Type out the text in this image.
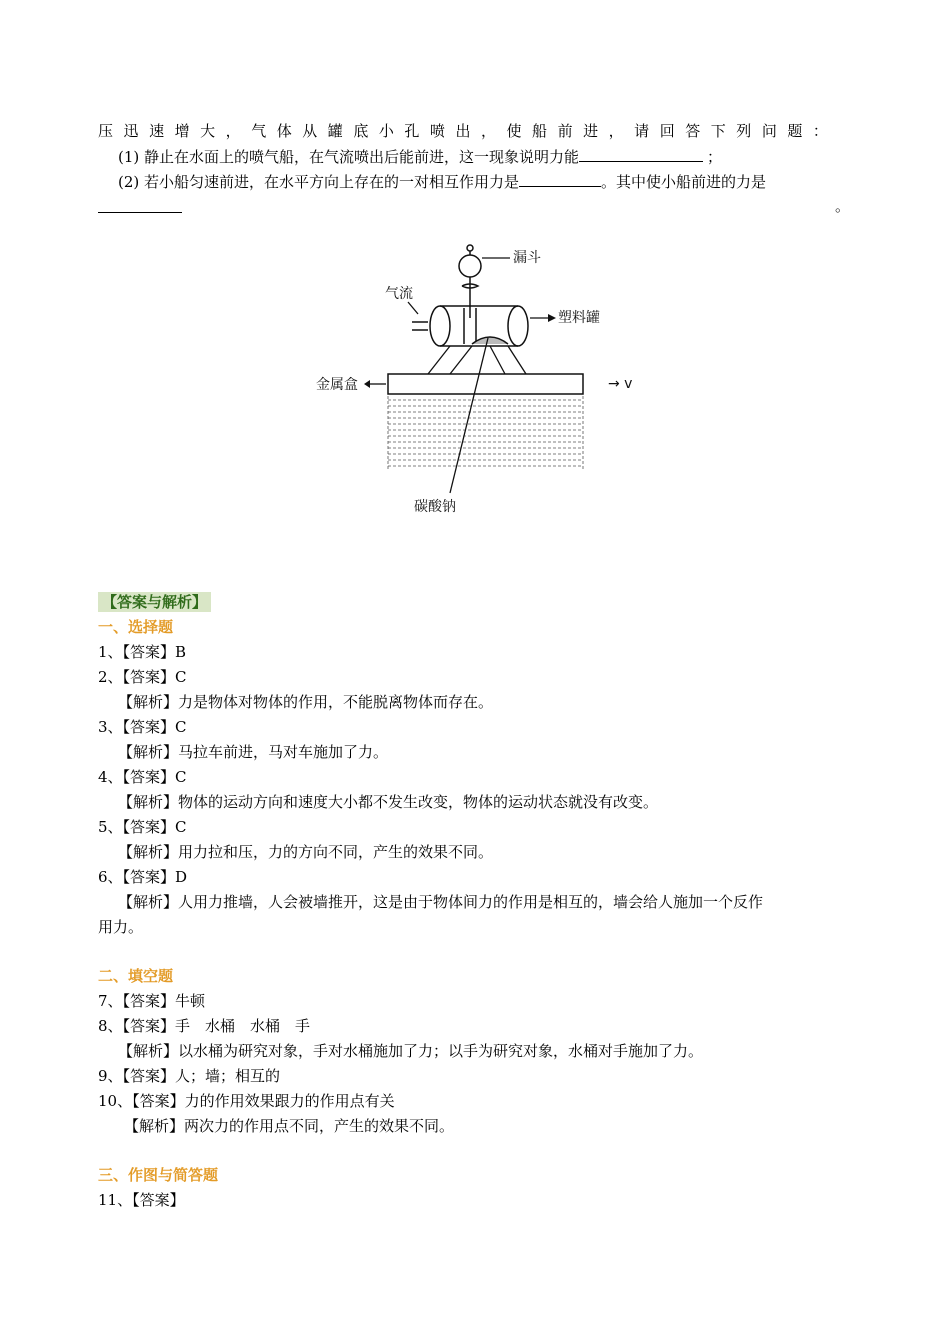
压 迅 速 增 大 ， 气 体 从 罐 底 小 孔 喷 出 ， 使 船 前 进 ， 请 回 答 下 列 问 题 ：
(1) 静止在水面上的喷气船，在气流喷出后能前进，这一现象说明力能	；
(2) 若小船匀速前进，在水平方向上存在的一对相互作用力是	。其中使小船前进的力是
。
漏斗
气流
塑料罐
金属盒	→ v
碳酸钠
【答案与解析】
一、选择题
1、【答案】B
2、【答案】C
【解析】力是物体对物体的作用，不能脱离物体而存在。
3、【答案】C
【解析】马拉车前进，马对车施加了力。
4、【答案】C
【解析】物体的运动方向和速度大小都不发生改变，物体的运动状态就没有改变。
5、【答案】C
【解析】用力拉和压，力的方向不同，产生的效果不同。
6、【答案】D
【解析】人用力推墙，人会被墙推开，这是由于物体间力的作用是相互的，墙会给人施加一个反作
用力。
二、填空题
7、【答案】牛顿
8、【答案】手　水桶　水桶　手
【解析】以水桶为研究对象，手对水桶施加了力；以手为研究对象，水桶对手施加了力。
9、【答案】人；墙；相互的
10、【答案】力的作用效果跟力的作用点有关
【解析】两次力的作用点不同，产生的效果不同。
三、作图与简答题
11、【答案】
